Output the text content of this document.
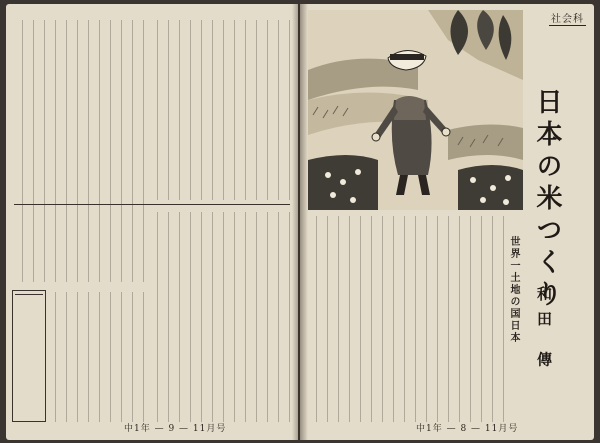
中1年 — 9 — 11月号
社会科
日本の米つくり
和田 傳
世界一土地の国日本
中1年 — 8 — 11月号
